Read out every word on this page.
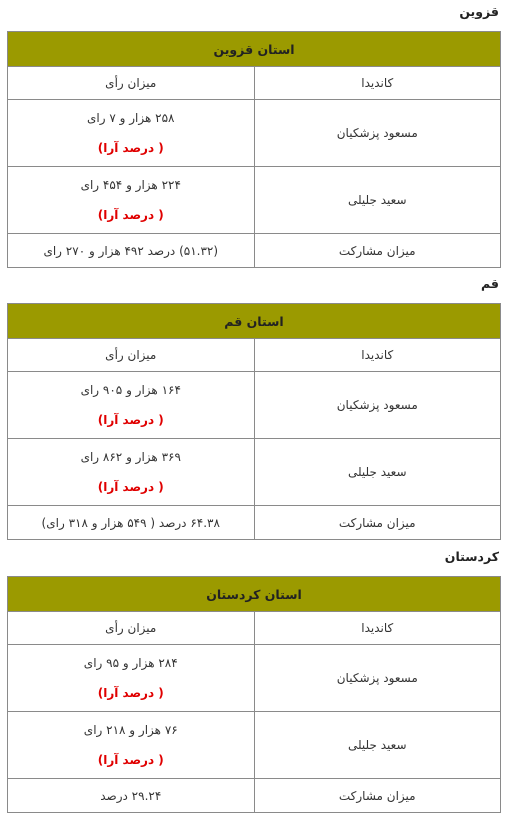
قزوین
استان قزوین	
کاندیدا	میزان رأی
مسعود پزشکیان	۲۵۸ هزار و ۷ رای
( درصد آرا)

سعید جلیلی	۲۲۴ هزار و ۴۵۴ رای
( درصد آرا)

میزان مشارکت	(۵۱.۳۲) درصد ۴۹۲ هزار و ۲۷۰ رای
قم
استان قم	
کاندیدا	میزان رأی
مسعود پزشکیان	۱۶۴ هزار و ۹۰۵ رای
( درصد آرا)

سعید جلیلی	۳۶۹ هزار و ۸۶۲ رای
( درصد آرا)

میزان مشارکت	۶۴.۳۸ درصد ( ۵۴۹ هزار و ۳۱۸ رای)
کردستان
استان کردستان	
کاندیدا	میزان رأی
مسعود پزشکیان	۲۸۴ هزار و ۹۵ رای
( درصد آرا)

سعید جلیلی	۷۶ هزار و ۲۱۸ رای
( درصد آرا)

میزان مشارکت	۲۹.۲۴ درصد
